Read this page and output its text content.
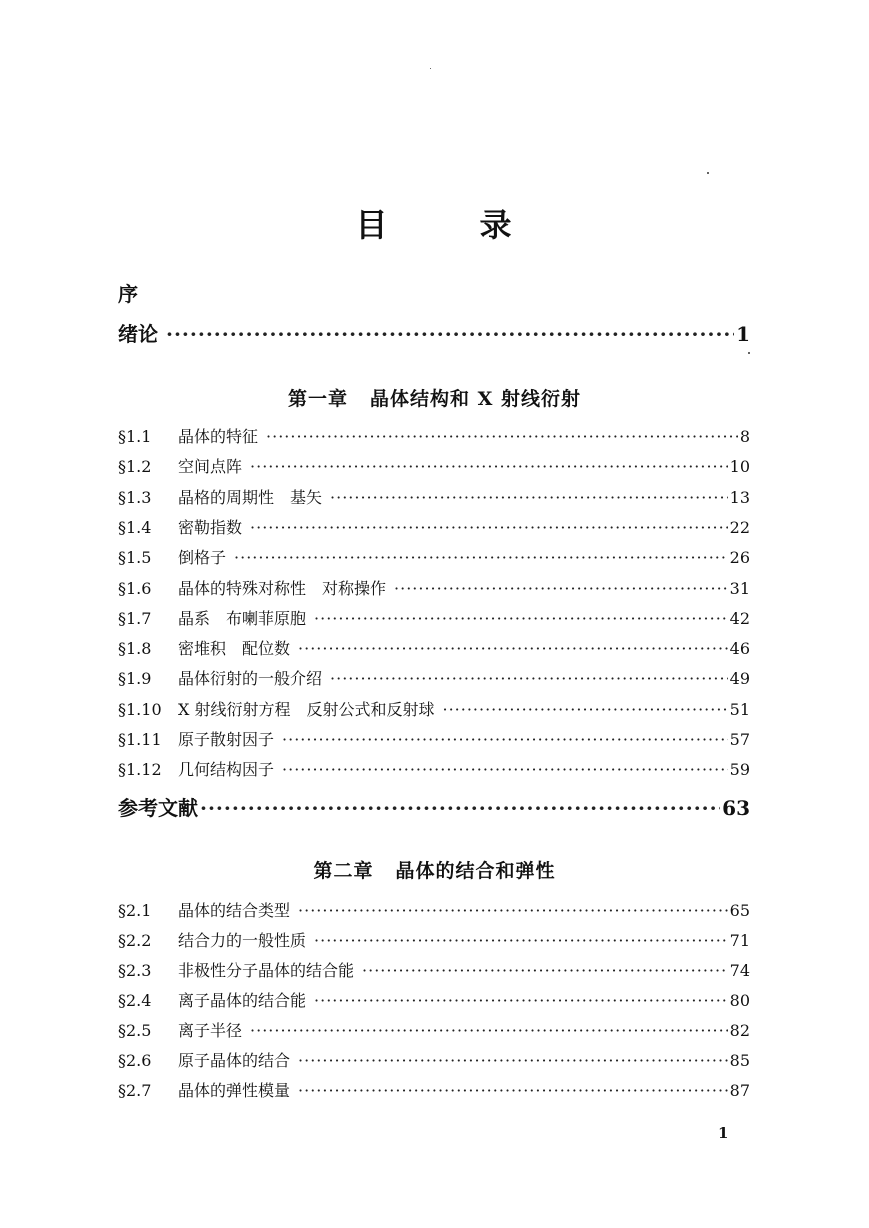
目	录
序
绪论 ·····	1
第一章 晶体结构和 X 射线衍射
§1.1 晶体的特征 ·····	8
§1.2 空间点阵 ·····	10
§1.3 晶格的周期性　基矢 ·····	13
§1.4 密勒指数 ·····	22
§1.5 倒格子 ·····	26
§1.6 晶体的特殊对称性　对称操作 ·····	31
§1.7 晶系　布喇菲原胞 ·····	42
§1.8 密堆积　配位数 ·····	46
§1.9 晶体衍射的一般介绍 ·····	49
§1.10 X 射线衍射方程　反射公式和反射球 ·····	51
§1.11 原子散射因子 ·····	57
§1.12 几何结构因子 ·····	59
参考文献 ·····	63
第二章 晶体的结合和弹性
§2.1 晶体的结合类型 ·····	65
§2.2 结合力的一般性质 ·····	71
§2.3 非极性分子晶体的结合能 ·····	74
§2.4 离子晶体的结合能 ·····	80
§2.5 离子半径 ·····	82
§2.6 原子晶体的结合 ·····	85
§2.7 晶体的弹性模量 ·····	87
1
